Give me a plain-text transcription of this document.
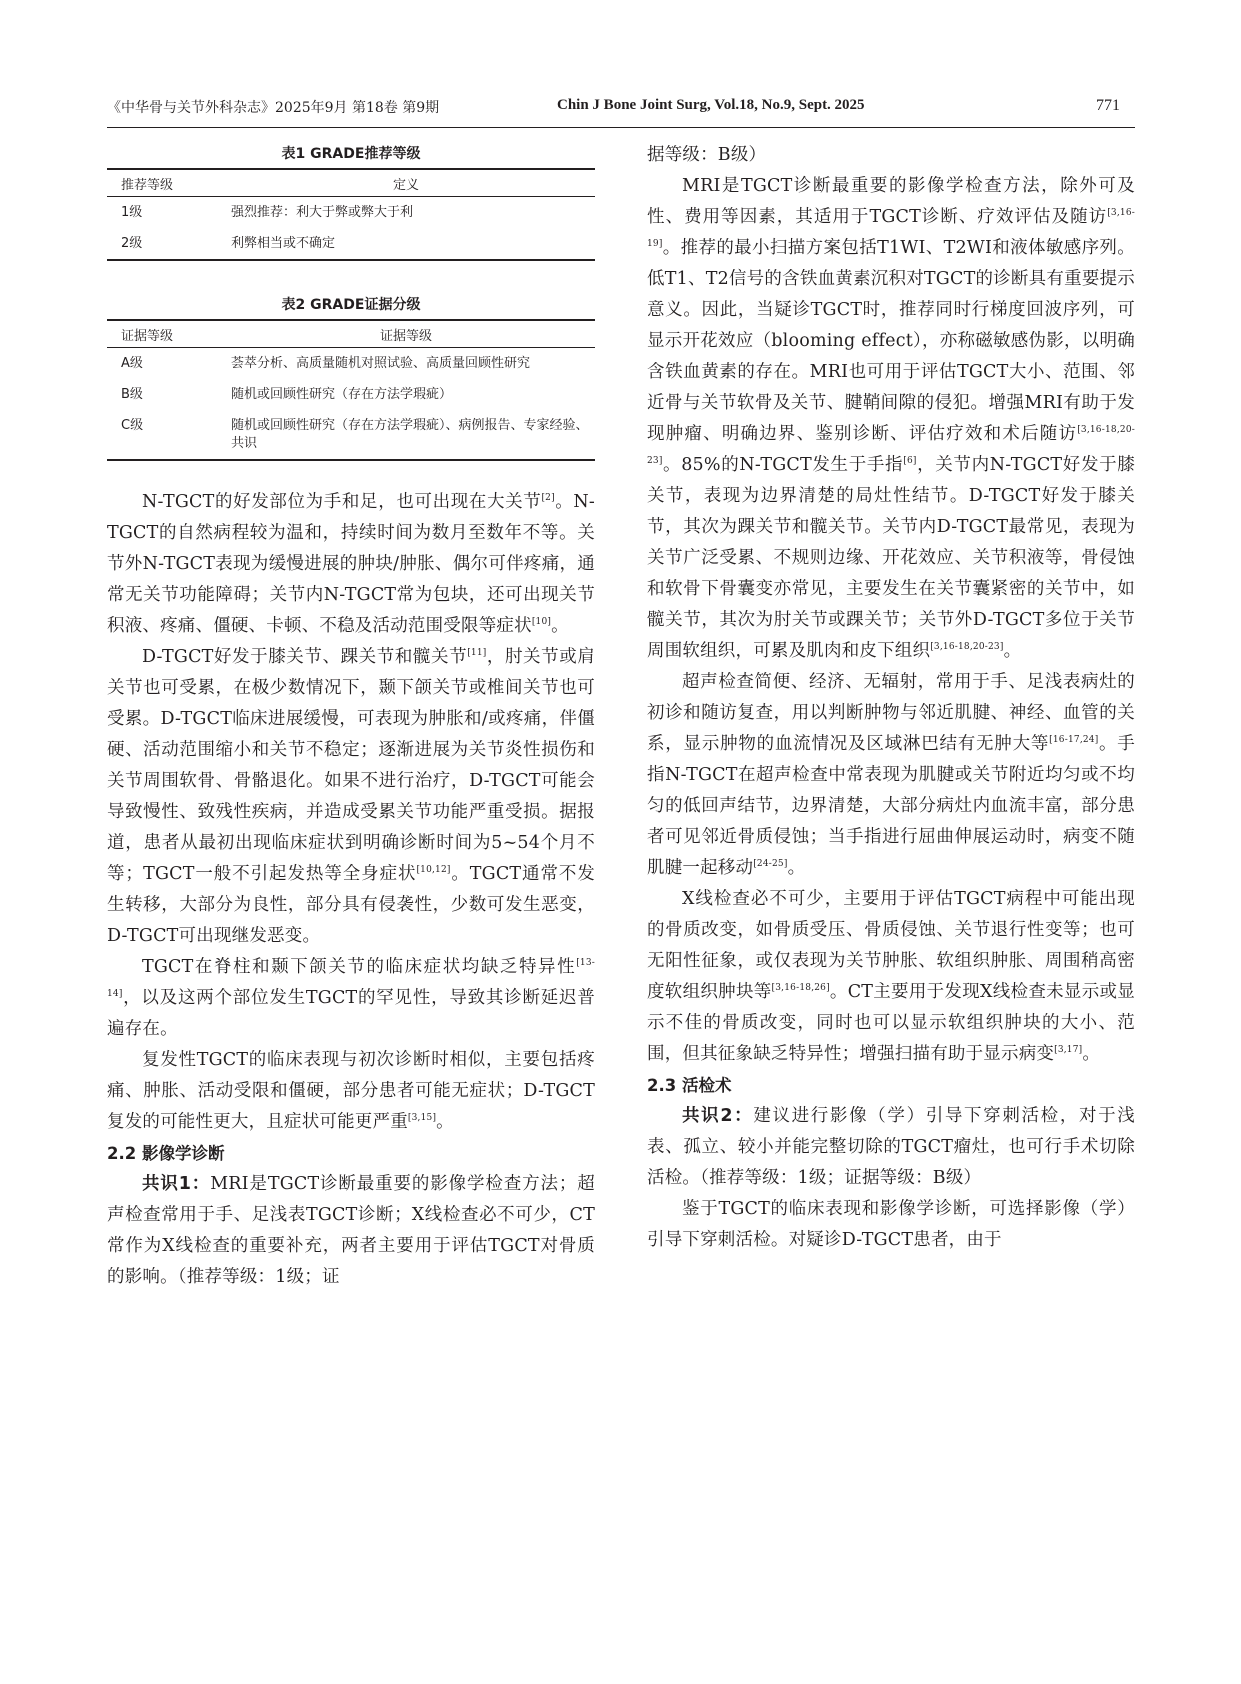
《中华骨与关节外科杂志》2025年9月 第18卷 第9期	Chin J Bone Joint Surg, Vol.18, No.9, Sept. 2025	771
表1 GRADE推荐等级
推荐等级	定义
1级	强烈推荐：利大于弊或弊大于利
2级	利弊相当或不确定
表2 GRADE证据分级
证据等级	证据等级
A级	荟萃分析、高质量随机对照试验、高质量回顾性研究
B级	随机或回顾性研究（存在方法学瑕疵）
C级	随机或回顾性研究（存在方法学瑕疵）、病例报告、专家经验、共识

N-TGCT的好发部位为手和足，也可出现在大关节[2]。N-TGCT的自然病程较为温和，持续时间为数月至数年不等。关节外N-TGCT表现为缓慢进展的肿块/肿胀、偶尔可伴疼痛，通常无关节功能障碍；关节内N-TGCT常为包块，还可出现关节积液、疼痛、僵硬、卡顿、不稳及活动范围受限等症状[10]。

D-TGCT好发于膝关节、踝关节和髋关节[11]，肘关节或肩关节也可受累，在极少数情况下，颞下颌关节或椎间关节也可受累。D-TGCT临床进展缓慢，可表现为肿胀和/或疼痛，伴僵硬、活动范围缩小和关节不稳定；逐渐进展为关节炎性损伤和关节周围软骨、骨骼退化。如果不进行治疗，D-TGCT可能会导致慢性、致残性疾病，并造成受累关节功能严重受损。据报道，患者从最初出现临床症状到明确诊断时间为5~54个月不等；TGCT一般不引起发热等全身症状[10,12]。TGCT通常不发生转移，大部分为良性，部分具有侵袭性，少数可发生恶变，D-TGCT可出现继发恶变。

TGCT在脊柱和颞下颌关节的临床症状均缺乏特异性[13-14]，以及这两个部位发生TGCT的罕见性，导致其诊断延迟普遍存在。

复发性TGCT的临床表现与初次诊断时相似，主要包括疼痛、肿胀、活动受限和僵硬，部分患者可能无症状；D-TGCT复发的可能性更大，且症状可能更严重[3,15]。

2.2 影像学诊断

共识1：MRI是TGCT诊断最重要的影像学检查方法；超声检查常用于手、足浅表TGCT诊断；X线检查必不可少，CT常作为X线检查的重要补充，两者主要用于评估TGCT对骨质的影响。（推荐等级：1级；证

据等级：B级）

MRI是TGCT诊断最重要的影像学检查方法，除外可及性、费用等因素，其适用于TGCT诊断、疗效评估及随访[3,16-19]。推荐的最小扫描方案包括T1WI、T2WI和液体敏感序列。低T1、T2信号的含铁血黄素沉积对TGCT的诊断具有重要提示意义。因此，当疑诊TGCT时，推荐同时行梯度回波序列，可显示开花效应（blooming effect），亦称磁敏感伪影，以明确含铁血黄素的存在。MRI也可用于评估TGCT大小、范围、邻近骨与关节软骨及关节、腱鞘间隙的侵犯。增强MRI有助于发现肿瘤、明确边界、鉴别诊断、评估疗效和术后随访[3,16-18,20-23]。85%的N-TGCT发生于手指[6]，关节内N-TGCT好发于膝关节，表现为边界清楚的局灶性结节。D-TGCT好发于膝关节，其次为踝关节和髋关节。关节内D-TGCT最常见，表现为关节广泛受累、不规则边缘、开花效应、关节积液等，骨侵蚀和软骨下骨囊变亦常见，主要发生在关节囊紧密的关节中，如髋关节，其次为肘关节或踝关节；关节外D-TGCT多位于关节周围软组织，可累及肌肉和皮下组织[3,16-18,20-23]。

超声检查简便、经济、无辐射，常用于手、足浅表病灶的初诊和随访复查，用以判断肿物与邻近肌腱、神经、血管的关系，显示肿物的血流情况及区域淋巴结有无肿大等[16-17,24]。手指N-TGCT在超声检查中常表现为肌腱或关节附近均匀或不均匀的低回声结节，边界清楚，大部分病灶内血流丰富，部分患者可见邻近骨质侵蚀；当手指进行屈曲伸展运动时，病变不随肌腱一起移动[24-25]。

X线检查必不可少，主要用于评估TGCT病程中可能出现的骨质改变，如骨质受压、骨质侵蚀、关节退行性变等；也可无阳性征象，或仅表现为关节肿胀、软组织肿胀、周围稍高密度软组织肿块等[3,16-18,26]。CT主要用于发现X线检查未显示或显示不佳的骨质改变，同时也可以显示软组织肿块的大小、范围，但其征象缺乏特异性；增强扫描有助于显示病变[3,17]。

2.3 活检术

共识2：建议进行影像（学）引导下穿刺活检，对于浅表、孤立、较小并能完整切除的TGCT瘤灶，也可行手术切除活检。（推荐等级：1级；证据等级：B级）

鉴于TGCT的临床表现和影像学诊断，可选择影像（学）引导下穿刺活检。对疑诊D-TGCT患者，由于
